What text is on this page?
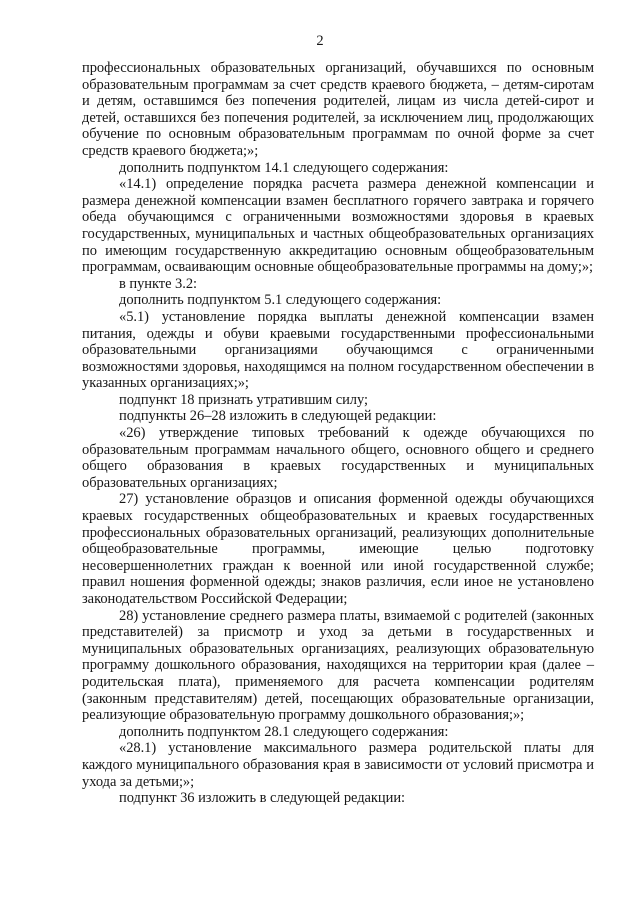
2

профессиональных образовательных организаций, обучавшихся по основным образовательным программам за счет средств краевого бюджета, – детям-сиротам и детям, оставшимся без попечения родителей, лицам из числа детей-сирот и детей, оставшихся без попечения родителей, за исключением лиц, продолжающих обучение по основным образовательным программам по очной форме за счет средств краевого бюджета;»;

дополнить подпунктом 14.1 следующего содержания:

«14.1) определение порядка расчета размера денежной компенсации и размера денежной компенсации взамен бесплатного горячего завтрака и горячего обеда обучающимся с ограниченными возможностями здоровья в краевых государственных, муниципальных и частных общеобразовательных организациях по имеющим государственную аккредитацию основным общеобразовательным программам, осваивающим основные общеобразовательные программы на дому;»;

в пункте 3.2:

дополнить подпунктом 5.1 следующего содержания:

«5.1) установление порядка выплаты денежной компенсации взамен питания, одежды и обуви краевыми государственными профессиональными образовательными организациями обучающимся с ограниченными возможностями здоровья, находящимся на полном государственном обеспечении в указанных организациях;»;

подпункт 18 признать утратившим силу;

подпункты 26–28 изложить в следующей редакции:

«26) утверждение типовых требований к одежде обучающихся по образовательным программам начального общего, основного общего и среднего общего образования в краевых государственных и муниципальных образовательных организациях;

27) установление образцов и описания форменной одежды обучающихся краевых государственных общеобразовательных и краевых государственных профессиональных образовательных организаций, реализующих дополнительные общеобразовательные программы, имеющие целью подготовку несовершеннолетних граждан к военной или иной государственной службе; правил ношения форменной одежды; знаков различия, если иное не установлено законодательством Российской Федерации;

28) установление среднего размера платы, взимаемой с родителей (законных представителей) за присмотр и уход за детьми в государственных и муниципальных образовательных организациях, реализующих образовательную программу дошкольного образования, находящихся на территории края (далее – родительская плата), применяемого для расчета компенсации родителям (законным представителям) детей, посещающих образовательные организации, реализующие образовательную программу дошкольного образования;»;

дополнить подпунктом 28.1 следующего содержания:

«28.1) установление максимального размера родительской платы для каждого муниципального образования края в зависимости от условий присмотра и ухода за детьми;»;

подпункт 36 изложить в следующей редакции:
